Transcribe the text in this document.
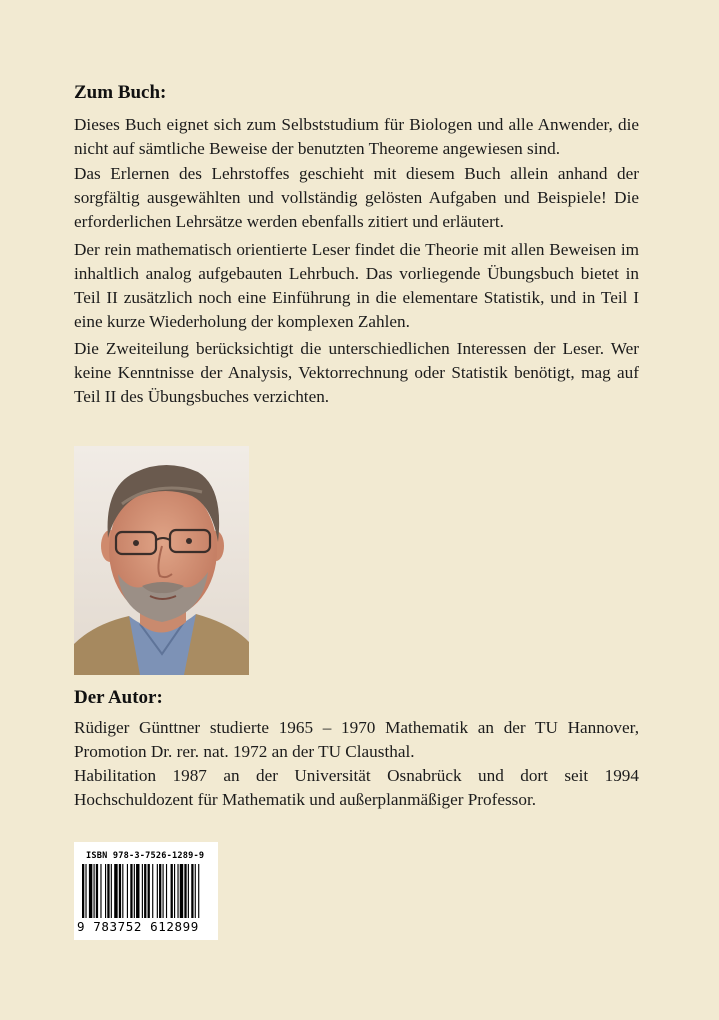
Zum Buch:

Dieses Buch eignet sich zum Selbststudium für Biologen und alle Anwender, die nicht auf sämtliche Beweise der benutzten Theoreme angewiesen sind.

Das Erlernen des Lehrstoffes geschieht mit diesem Buch allein anhand der sorgfältig ausgewählten und vollständig gelösten Aufgaben und Beispiele! Die erforderlichen Lehrsätze werden ebenfalls zitiert und erläutert.

Der rein mathematisch orientierte Leser findet die Theorie mit allen Beweisen im inhaltlich analog aufgebauten Lehrbuch. Das vorliegende Übungsbuch bietet in Teil II zusätzlich noch eine Einführung in die elementare Statistik, und in Teil I eine kurze Wiederholung der komplexen Zahlen.

Die Zweiteilung berücksichtigt die unterschiedlichen Interessen der Leser. Wer keine Kenntnisse der Analysis, Vektorrechnung oder Statistik benötigt, mag auf Teil II des Übungsbuches verzichten.

Der Autor:

Rüdiger Günttner studierte 1965 – 1970 Mathematik an der TU Hannover, Promotion Dr. rer. nat. 1972 an der TU Clausthal.

Habilitation 1987 an der Universität Osnabrück und dort seit 1994 Hochschuldozent für Mathematik und außerplanmäßiger Professor.

ISBN 978-3-7526-1289-9
9 783752 612899
